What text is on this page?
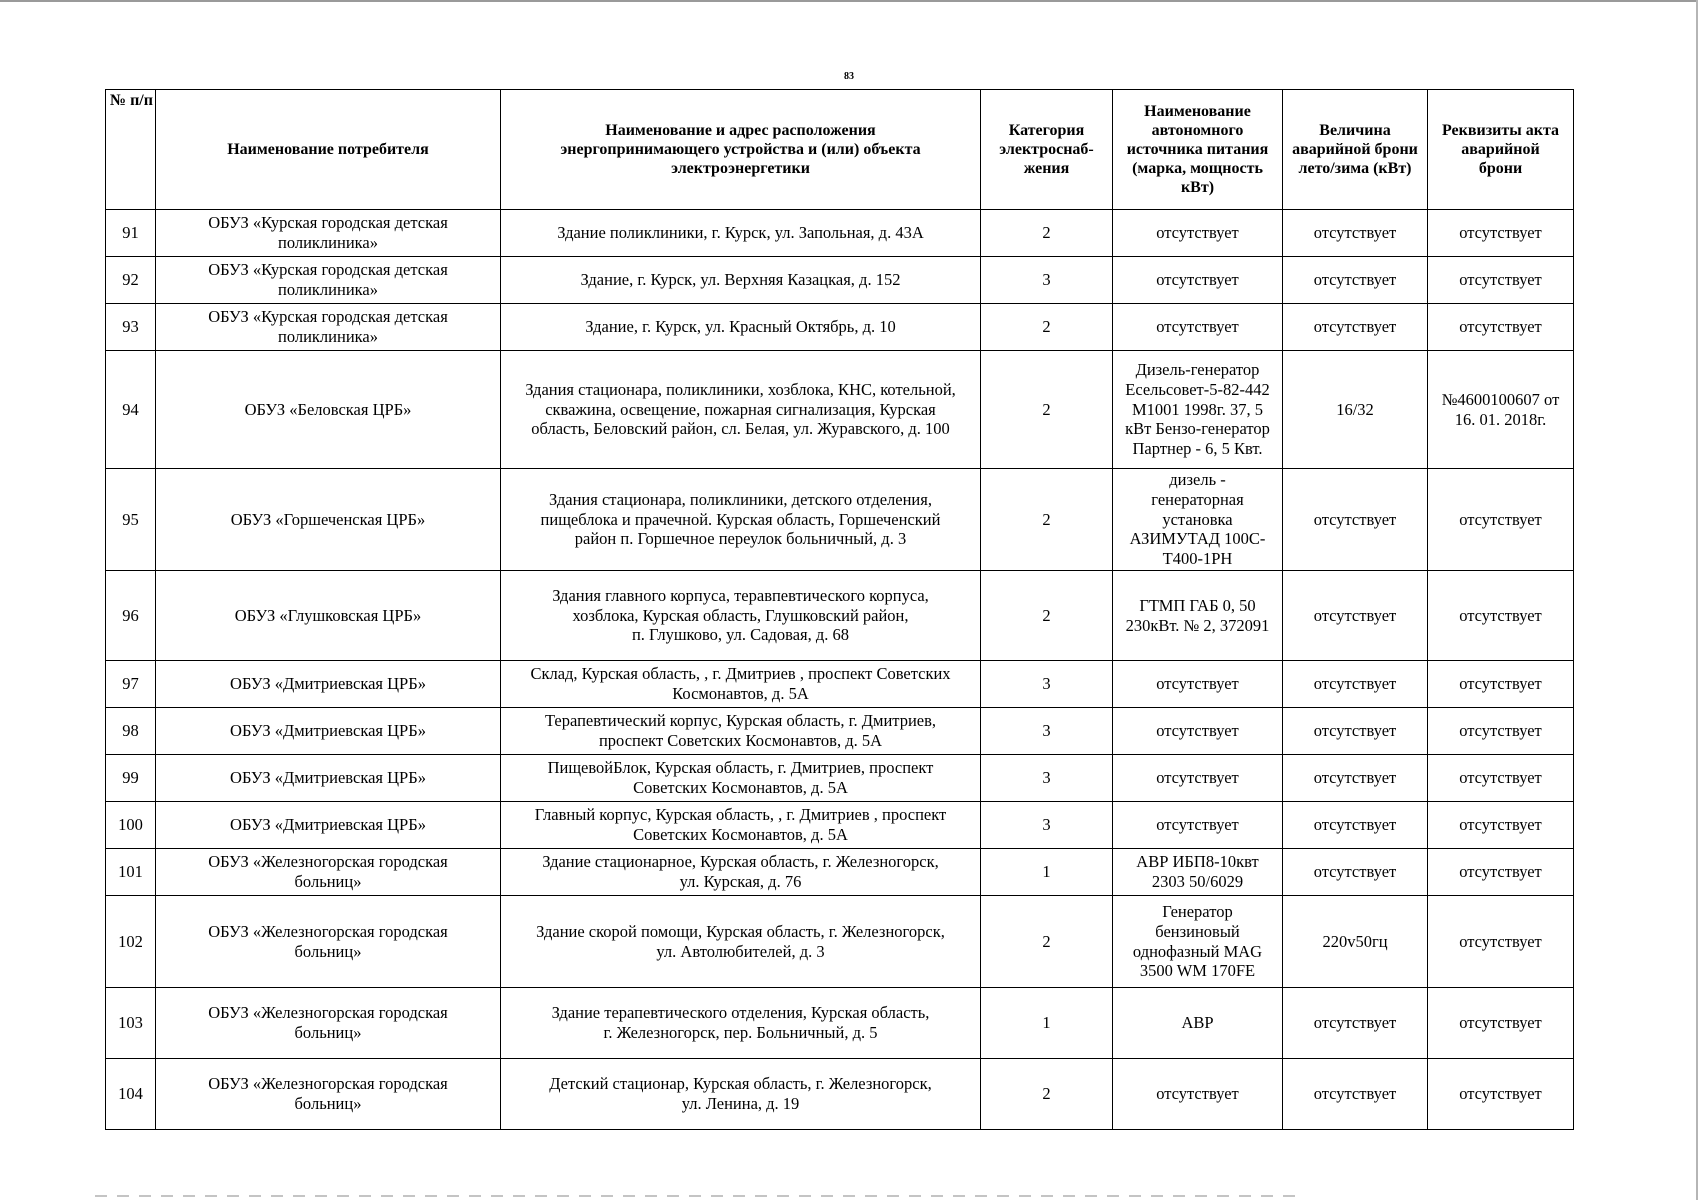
83
№ п/п	Наименование потребителя	Наименование и адрес расположения
энергопринимающего устройства и (или) объекта
электроэнергетики	Категория
электроснаб-
жения	Наименование
автономного
источника питания
(марка, мощность
кВт)	Величина
аварийной брони
лето/зима (кВт)	Реквизиты акта
аварийной
брони

91	ОБУЗ «Курская городская детская
поликлиника»	Здание поликлиники, г. Курск, ул. Запольная, д. 43А	2	отсутствует	отсутствует	отсутствует

92	ОБУЗ «Курская городская детская
поликлиника»	Здание, г. Курск, ул. Верхняя Казацкая, д. 152	3	отсутствует	отсутствует	отсутствует

93	ОБУЗ «Курская городская детская
поликлиника»	Здание, г. Курск, ул. Красный Октябрь, д. 10	2	отсутствует	отсутствует	отсутствует

94	ОБУЗ «Беловская ЦРБ»	Здания стационара, поликлиники, хозблока, КНС, котельной,
скважина, освещение, пожарная сигнализация, Курская
область, Беловский район, сл. Белая, ул. Журавского, д. 100	2	Дизель-генератор
Есельсовет-5-82-442
M1001 1998г. 37, 5
кВт Бензо-генератор
Партнер - 6, 5 Квт.	16/32	№4600100607 от
16. 01. 2018г.

95	ОБУЗ «Горшеченская ЦРБ»	Здания стационара, поликлиники, детского отделения,
пищеблока и прачечной. Курская область, Горшеченский
район п. Горшечное переулок больничный, д. 3	2	дизель -
генераторная
установка
АЗИМУТАД 100С-
Т400-1РН	отсутствует	отсутствует

96	ОБУЗ «Глушковская ЦРБ»	Здания главного корпуса, теравпевтического корпуса,
хозблока, Курская область, Глушковский район,
п. Глушково, ул. Садовая, д. 68	2	ГТМП ГАБ 0, 50
230кВт. № 2, 372091	отсутствует	отсутствует

97	ОБУЗ «Дмитриевская ЦРБ»	Склад, Курская область, , г. Дмитриев , проспект Советских
Космонавтов, д. 5А	3	отсутствует	отсутствует	отсутствует

98	ОБУЗ «Дмитриевская ЦРБ»	Терапевтический корпус, Курская область, г. Дмитриев,
проспект Советских Космонавтов, д. 5А	3	отсутствует	отсутствует	отсутствует

99	ОБУЗ «Дмитриевская ЦРБ»	ПищевойБлок, Курская область, г. Дмитриев, проспект
Советских Космонавтов, д. 5А	3	отсутствует	отсутствует	отсутствует

100	ОБУЗ «Дмитриевская ЦРБ»	Главный корпус, Курская область, , г. Дмитриев , проспект
Советских Космонавтов, д. 5А	3	отсутствует	отсутствует	отсутствует

101	ОБУЗ «Железногорская городская
больниц»	Здание стационарное, Курская область, г. Железногорск,
ул. Курская, д. 76	1	АВР ИБП8-10квт
2303 50/6029	отсутствует	отсутствует

102	ОБУЗ «Железногорская городская
больниц»	Здание скорой помощи, Курская область, г. Железногорск,
ул. Автолюбителей, д. 3	2	Генератор
бензиновый
однофазный MAG
3500 WM 170FE	220v50гц	отсутствует

103	ОБУЗ «Железногорская городская
больниц»	Здание терапевтического отделения, Курская область,
г. Железногорск, пер. Больничный, д. 5	1	АВР	отсутствует	отсутствует

104	ОБУЗ «Железногорская городская
больниц»	Детский стационар, Курская область, г. Железногорск,
ул. Ленина, д. 19	2	отсутствует	отсутствует	отсутствует
